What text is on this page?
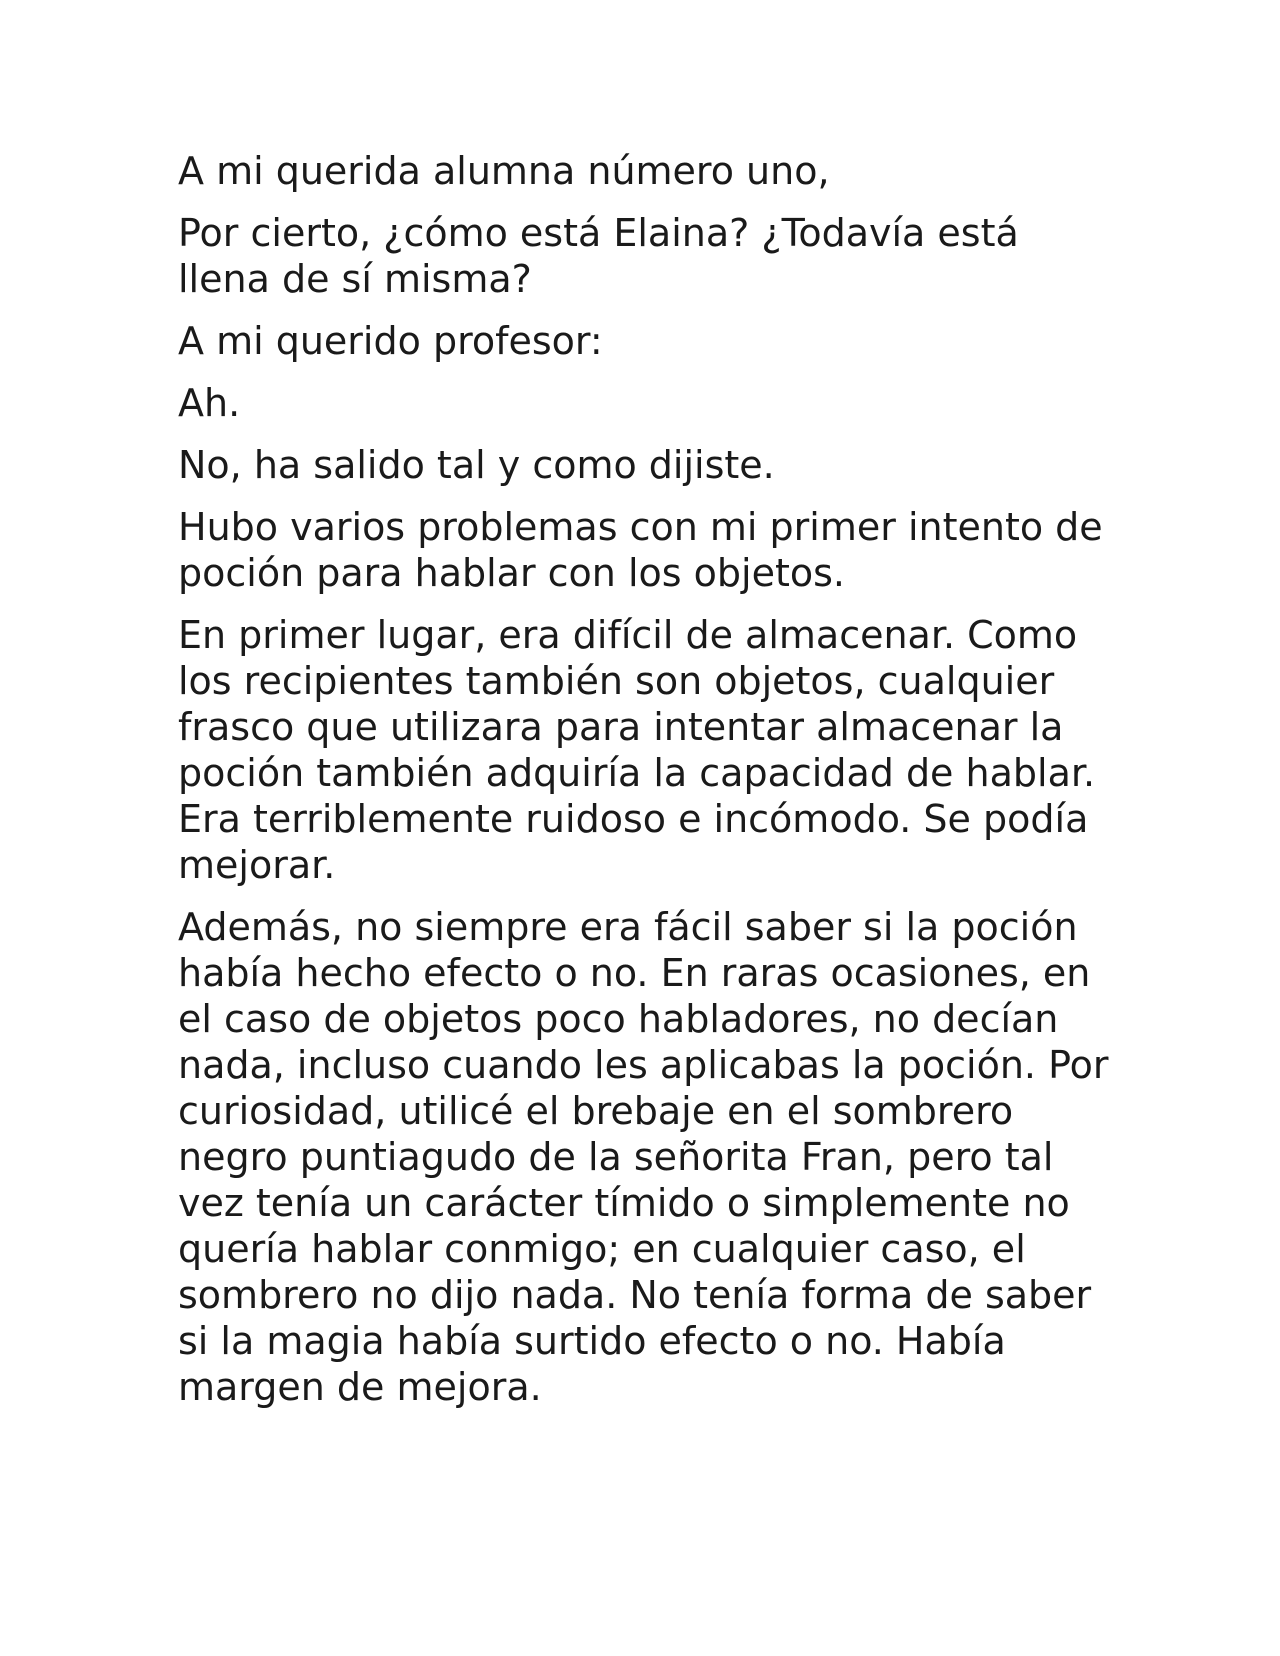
A mi querida alumna número uno,

Por cierto, ¿cómo está Elaina? ¿Todavía está llena de sí misma?

A mi querido profesor:

Ah.

No, ha salido tal y como dijiste.

Hubo varios problemas con mi primer intento de poción para hablar con los objetos.

En primer lugar, era difícil de almacenar. Como los recipientes también son objetos, cualquier frasco que utilizara para intentar almacenar la poción también adquiría la capacidad de hablar. Era terriblemente ruidoso e incómodo. Se podía mejorar.

Además, no siempre era fácil saber si la poción había hecho efecto o no. En raras ocasiones, en el caso de objetos poco habladores, no decían nada, incluso cuando les aplicabas la poción. Por curiosidad, utilicé el brebaje en el sombrero negro puntiagudo de la señorita Fran, pero tal vez tenía un carácter tímido o simplemente no quería hablar conmigo; en cualquier caso, el sombrero no dijo nada. No tenía forma de saber si la magia había surtido efecto o no. Había margen de mejora.
